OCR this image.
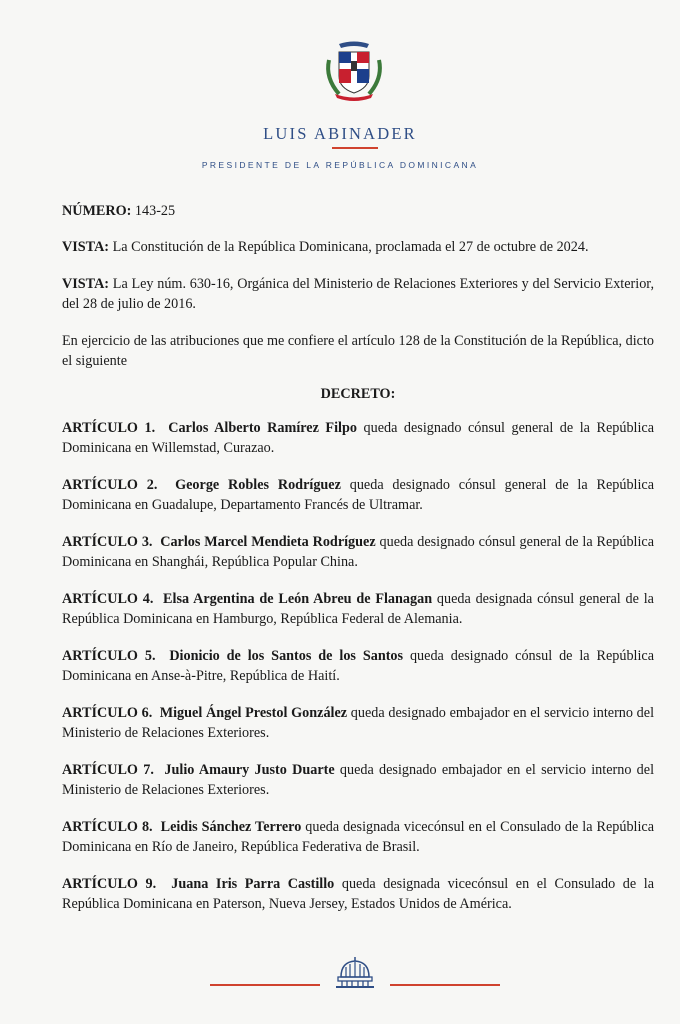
LUIS ABINADER
PRESIDENTE DE LA REPÚBLICA DOMINICANA

NÚMERO: 143-25

VISTA: La Constitución de la República Dominicana, proclamada el 27 de octubre de 2024.

VISTA: La Ley núm. 630-16, Orgánica del Ministerio de Relaciones Exteriores y del Servicio Exterior, del 28 de julio de 2016.

En ejercicio de las atribuciones que me confiere el artículo 128 de la Constitución de la República, dicto el siguiente

DECRETO:

ARTÍCULO 1. Carlos Alberto Ramírez Filpo queda designado cónsul general de la República Dominicana en Willemstad, Curazao.

ARTÍCULO 2. George Robles Rodríguez queda designado cónsul general de la República Dominicana en Guadalupe, Departamento Francés de Ultramar.

ARTÍCULO 3. Carlos Marcel Mendieta Rodríguez queda designado cónsul general de la República Dominicana en Shanghái, República Popular China.

ARTÍCULO 4. Elsa Argentina de León Abreu de Flanagan queda designada cónsul general de la República Dominicana en Hamburgo, República Federal de Alemania.

ARTÍCULO 5. Dionicio de los Santos de los Santos queda designado cónsul de la República Dominicana en Anse-à-Pitre, República de Haití.

ARTÍCULO 6. Miguel Ángel Prestol González queda designado embajador en el servicio interno del Ministerio de Relaciones Exteriores.

ARTÍCULO 7. Julio Amaury Justo Duarte queda designado embajador en el servicio interno del Ministerio de Relaciones Exteriores.

ARTÍCULO 8. Leidis Sánchez Terrero queda designada vicecónsul en el Consulado de la República Dominicana en Río de Janeiro, República Federativa de Brasil.

ARTÍCULO 9. Juana Iris Parra Castillo queda designada vicecónsul en el Consulado de la República Dominicana en Paterson, Nueva Jersey, Estados Unidos de América.
